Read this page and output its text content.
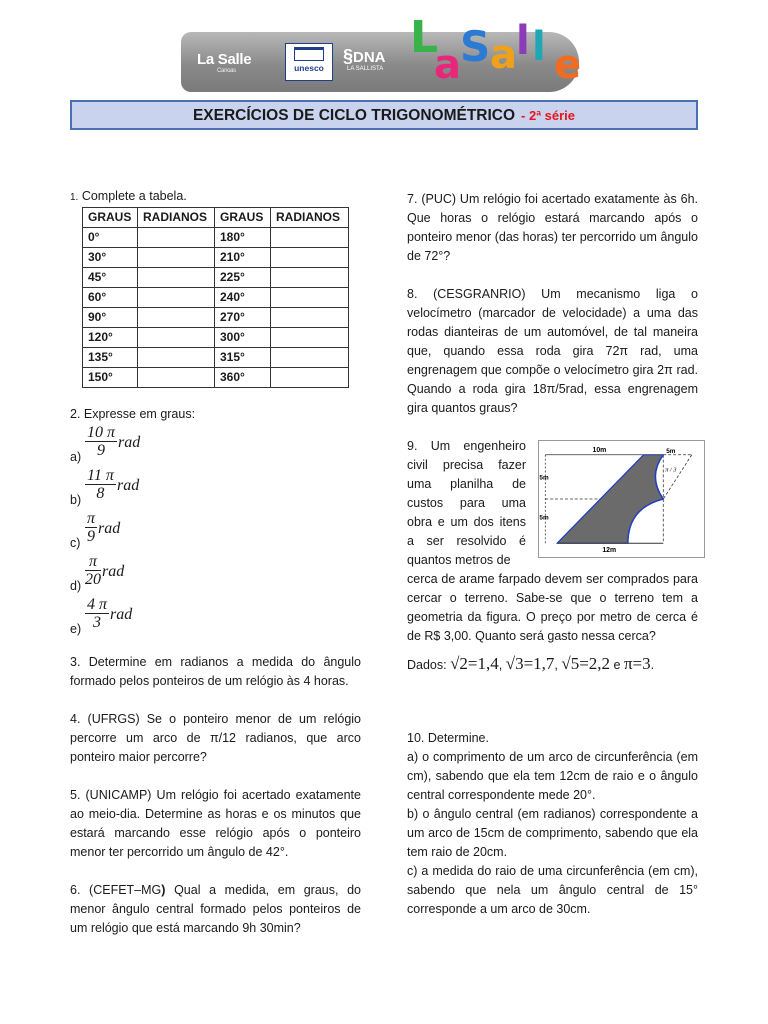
La Salle
Canoas	unesco
§DNA
LA SALLISTA
L
a S a l l e
EXERCÍCIOS DE CICLO TRIGONOMÉTRICO - 2ª série

1. Complete a tabela.

GRAUS	RADIANOS	GRAUS	RADIANOS
0°		180°	
30°		210°	
45°		225°	
60°		240°	
90°		270°	
120°		300°	
135°		315°	
150°		360°	

2. Expresse em graus:

$a) \frac{10 \pi}{9}$ rad
$b) \frac{11 \pi}{8}$ rad
$c) \frac{\pi}{9}$ rad
$d) \frac{\pi}{20}$ rad
$e) \frac{4 \pi}{3}$ rad

3. Determine em radianos a medida do ângulo formado pelos ponteiros de um relógio às 4 horas.

4. (UFRGS) Se o ponteiro menor de um relógio percorre um arco de π/12 radianos, que arco ponteiro maior percorre?

5. (UNICAMP) Um relógio foi acertado exatamente ao meio-dia. Determine as horas e os minutos que estará marcando esse relógio após o ponteiro menor ter percorrido um ângulo de 42°.

6. (CEFET–MG) Qual a medida, em graus, do menor ângulo central formado pelos ponteiros de um relógio que está marcando 9h 30min?

7. (PUC) Um relógio foi acertado exatamente às 6h. Que horas o relógio estará marcando após o ponteiro menor (das horas) ter percorrido um ângulo de 72°?

8. (CESGRANRIO) Um mecanismo liga o velocímetro (marcador de velocidade) a uma das rodas dianteiras de um automóvel, de tal maneira que, quando essa roda gira 72π rad, uma engrenagem que compõe o velocímetro gira 2π rad. Quando a roda gira 18π/5rad, essa engrenagem gira quantos graus?

9. Um engenheiro civil precisa fazer uma planilha de custos para uma obra e um dos itens a ser resolvido é quantos metros de

10m	5m
5m
5m
12m
π / 3

cerca de arame farpado devem ser comprados para cercar o terreno. Sabe-se que o terreno tem a geometria da figura. O preço por metro de cerca é de R$ 3,00. Quanto será gasto nessa cerca?

Dados: √2=1,4, √3=1,7, √5=2,2 e π=3.

10. Determine.

a) o comprimento de um arco de circunferência (em cm), sabendo que ela tem 12cm de raio e o ângulo central correspondente mede 20°.

b) o ângulo central (em radianos) correspondente a um arco de 15cm de comprimento, sabendo que ela tem raio de 20cm.

c) a medida do raio de uma circunferência (em cm), sabendo que nela um ângulo central de 15° corresponde a um arco de 30cm.
